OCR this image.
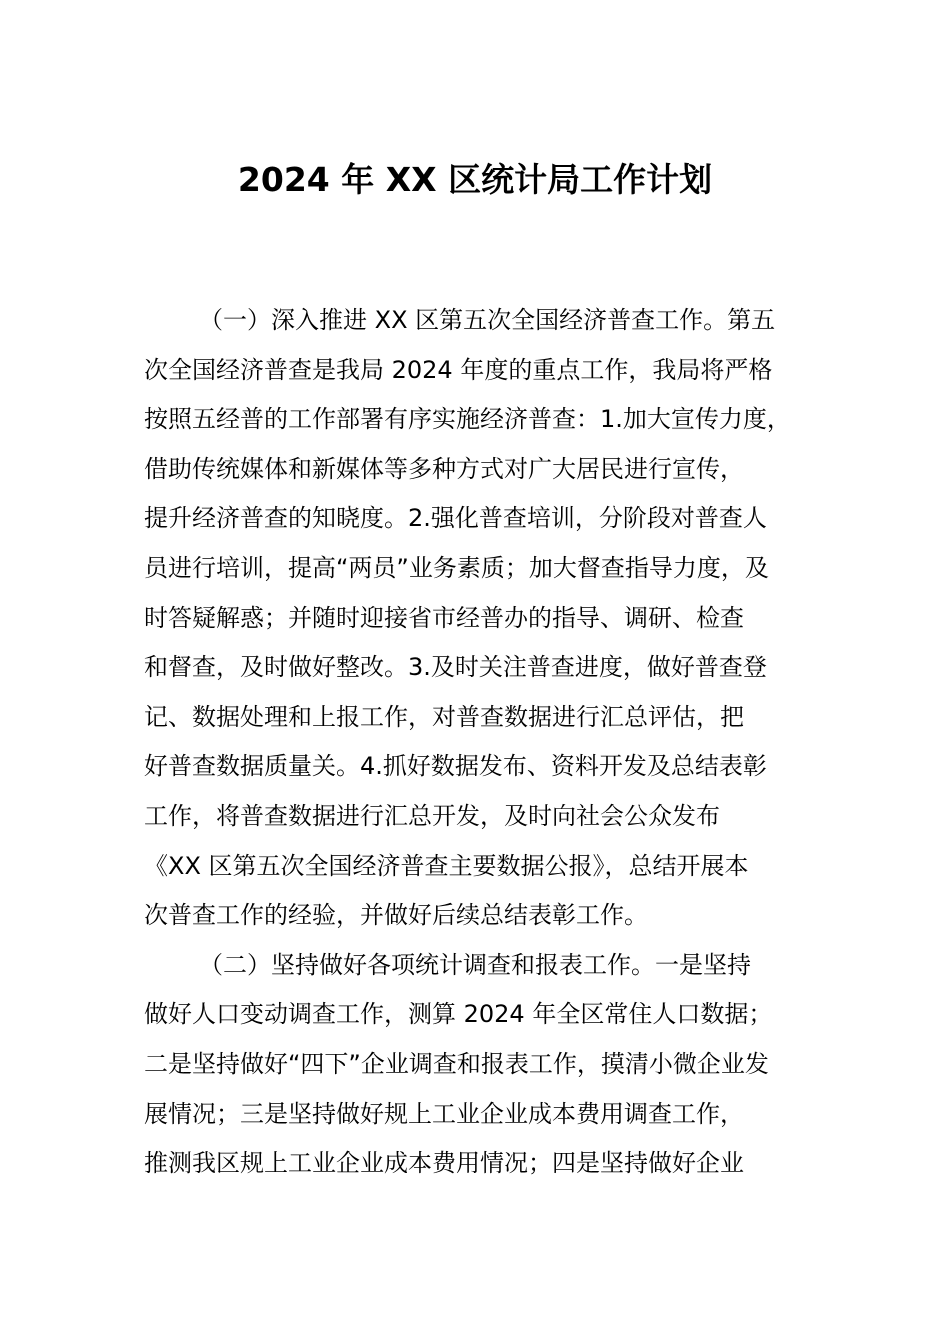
2024 年 XX 区统计局工作计划
（一）深入推进 XX 区第五次全国经济普查工作。第五
次全国经济普查是我局 2024 年度的重点工作，我局将严格
按照五经普的工作部署有序实施经济普查：1.加大宣传力度，
借助传统媒体和新媒体等多种方式对广大居民进行宣传，
提升经济普查的知晓度。2.强化普查培训，分阶段对普查人
员进行培训，提高“两员”业务素质；加大督查指导力度，及
时答疑解惑；并随时迎接省市经普办的指导、调研、检查
和督查，及时做好整改。3.及时关注普查进度，做好普查登
记、数据处理和上报工作，对普查数据进行汇总评估，把
好普查数据质量关。4.抓好数据发布、资料开发及总结表彰
工作，将普查数据进行汇总开发，及时向社会公众发布
《XX 区第五次全国经济普查主要数据公报》，总结开展本
次普查工作的经验，并做好后续总结表彰工作。
（二）坚持做好各项统计调查和报表工作。一是坚持
做好人口变动调查工作，测算 2024 年全区常住人口数据；
二是坚持做好“四下”企业调查和报表工作，摸清小微企业发
展情况；三是坚持做好规上工业企业成本费用调查工作，
推测我区规上工业企业成本费用情况；四是坚持做好企业
